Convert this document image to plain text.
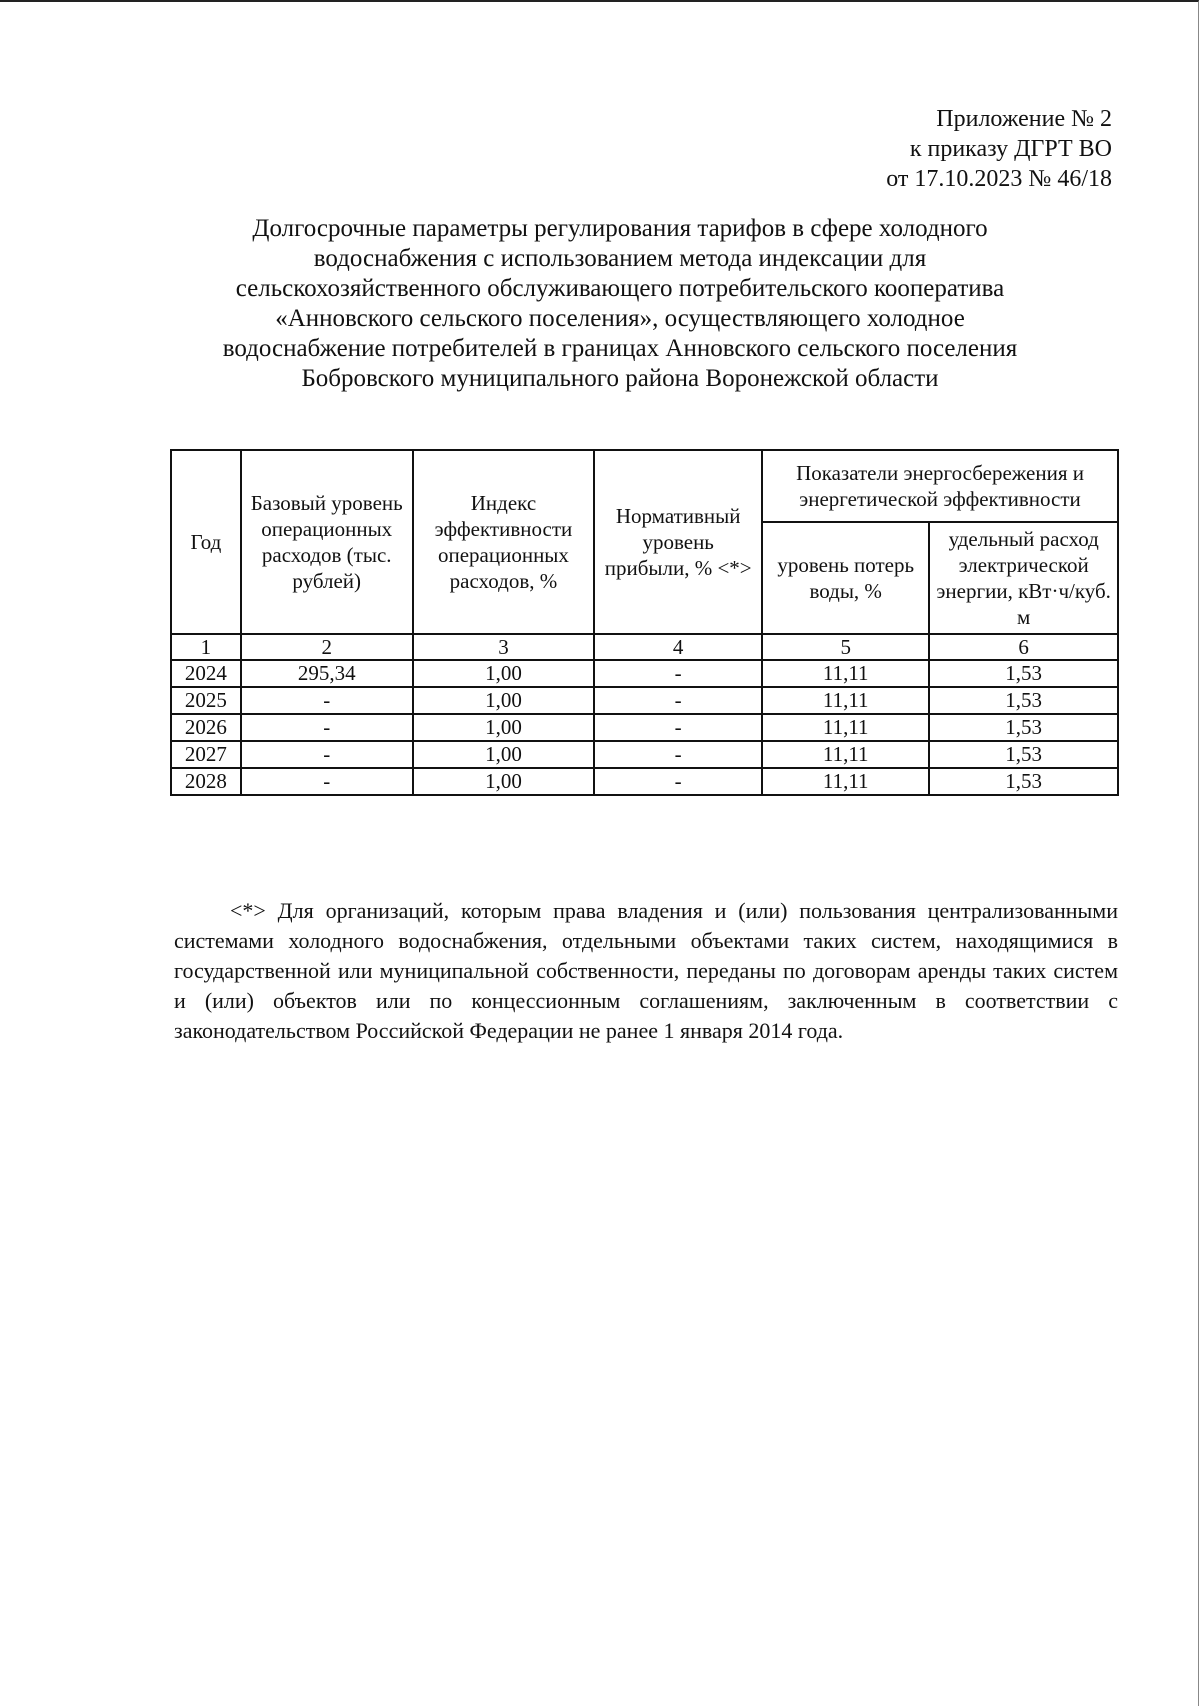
Приложение № 2
к приказу ДГРТ ВО
от 17.10.2023 № 46/18
Долгосрочные параметры регулирования тарифов в сфере холодного
водоснабжения с использованием метода индексации для
сельскохозяйственного обслуживающего потребительского кооператива
«Анновского сельского поселения», осуществляющего холодное
водоснабжение потребителей в границах Анновского сельского поселения
Бобровского муниципального района Воронежской области
Год	Базовый уровень операционных расходов (тыс. рублей)	Индекс эффективности операционных расходов, %	Нормативный уровень прибыли, % <*>	Показатели энергосбережения и энергетической эффективности	
				уровень потерь воды, %	удельный расход электрической энергии, кВт·ч/куб. м
1	2	3	4	5	6
2024	295,34	1,00	-	11,11	1,53
2025	-	1,00	-	11,11	1,53
2026	-	1,00	-	11,11	1,53
2027	-	1,00	-	11,11	1,53
2028	-	1,00	-	11,11	1,53

<*> Для организаций, которым права владения и (или) пользования централизованными системами холодного водоснабжения, отдельными объектами таких систем, находящимися в государственной или муниципальной собственности, переданы по договорам аренды таких систем и (или) объектов или по концессионным соглашениям, заключенным в соответствии с законодательством Российской Федерации не ранее 1 января 2014 года.
